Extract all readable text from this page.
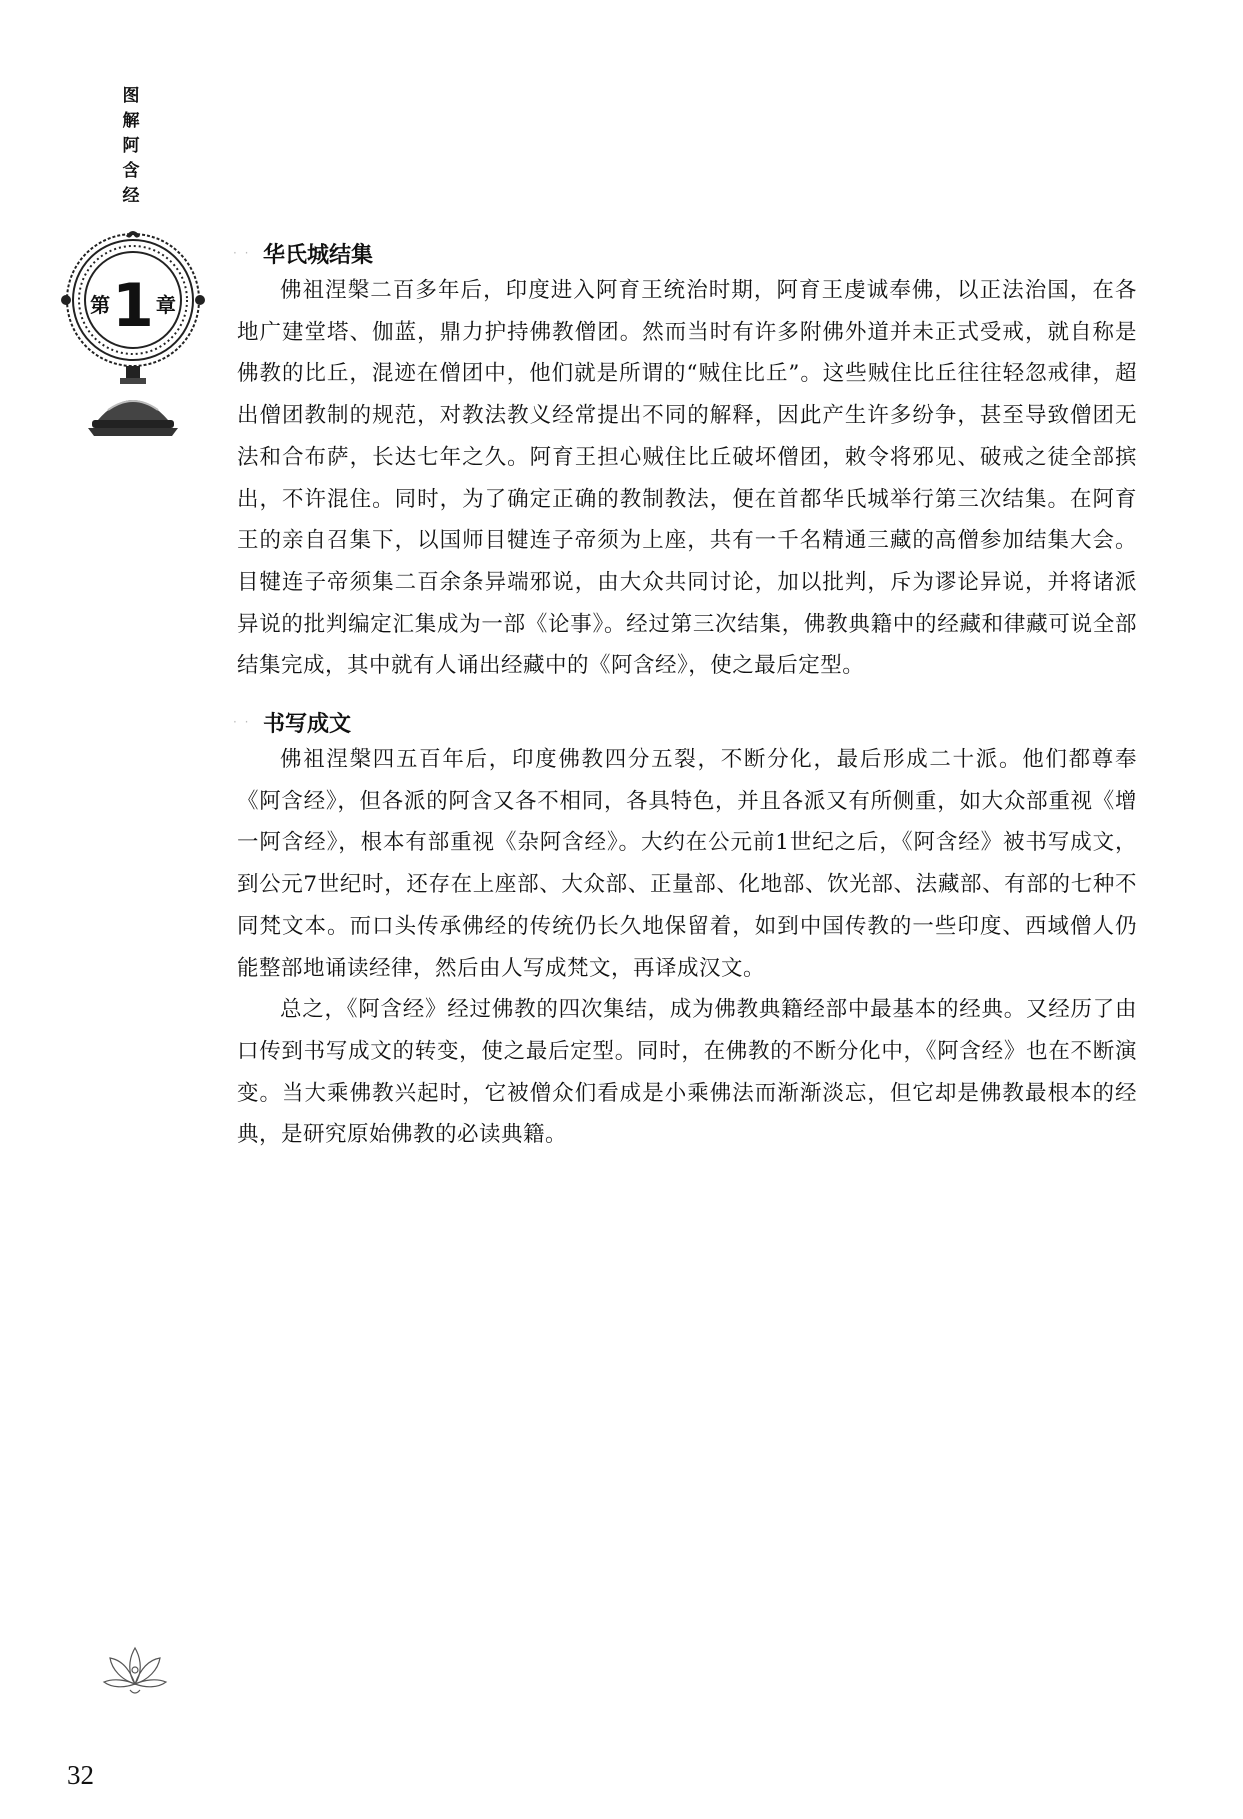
图
解
阿
含
经
第1 章
· · 华氏城结集

佛祖涅槃二百多年后，印度进入阿育王统治时期，阿育王虔诚奉佛，以正法治国，在各地广建堂塔、伽蓝，鼎力护持佛教僧团。然而当时有许多附佛外道并未正式受戒，就自称是佛教的比丘，混迹在僧团中，他们就是所谓的“贼住比丘”。这些贼住比丘往往轻忽戒律，超出僧团教制的规范，对教法教义经常提出不同的解释，因此产生许多纷争，甚至导致僧团无法和合布萨，长达七年之久。阿育王担心贼住比丘破坏僧团，敕令将邪见、破戒之徒全部摈出，不许混住。同时，为了确定正确的教制教法，便在首都华氏城举行第三次结集。在阿育王的亲自召集下，以国师目犍连子帝须为上座，共有一千名精通三藏的高僧参加结集大会。目犍连子帝须集二百余条异端邪说，由大众共同讨论，加以批判，斥为谬论异说，并将诸派异说的批判编定汇集成为一部《论事》。经过第三次结集，佛教典籍中的经藏和律藏可说全部结集完成，其中就有人诵出经藏中的《阿含经》，使之最后定型。

· · 书写成文

佛祖涅槃四五百年后，印度佛教四分五裂，不断分化，最后形成二十派。他们都尊奉《阿含经》，但各派的阿含又各不相同，各具特色，并且各派又有所侧重，如大众部重视《增一阿含经》，根本有部重视《杂阿含经》。大约在公元前1世纪之后，《阿含经》被书写成文，到公元7世纪时，还存在上座部、大众部、正量部、化地部、饮光部、法藏部、有部的七种不同梵文本。而口头传承佛经的传统仍长久地保留着，如到中国传教的一些印度、西域僧人仍能整部地诵读经律，然后由人写成梵文，再译成汉文。

总之，《阿含经》经过佛教的四次集结，成为佛教典籍经部中最基本的经典。又经历了由口传到书写成文的转变，使之最后定型。同时，在佛教的不断分化中，《阿含经》也在不断演变。当大乘佛教兴起时，它被僧众们看成是小乘佛法而渐渐淡忘，但它却是佛教最根本的经典，是研究原始佛教的必读典籍。

32
